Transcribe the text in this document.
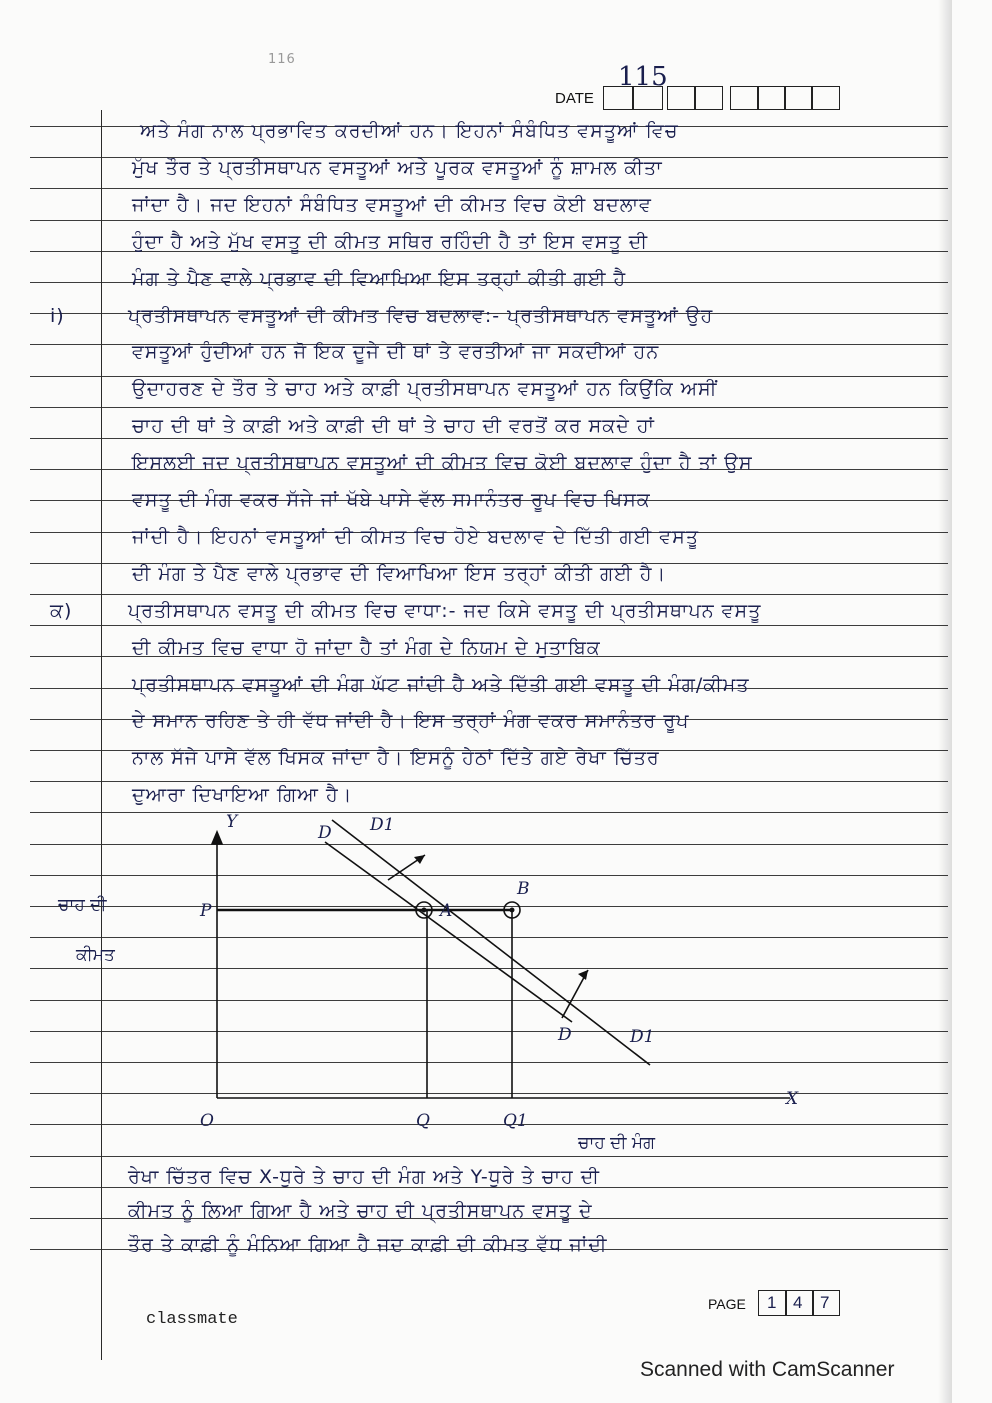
116
DATE
115
ਅਤੇ ਮੰਗ ਨਾਲ ਪ੍ਰਭਾਵਿਤ ਕਰਦੀਆਂ ਹਨ। ਇਹਨਾਂ ਸੰਬੰਧਿਤ ਵਸਤੂਆਂ ਵਿਚ
ਮੁੱਖ ਤੌਰ ਤੇ ਪ੍ਰਤੀਸਥਾਪਨ ਵਸਤੂਆਂ ਅਤੇ ਪੂਰਕ ਵਸਤੂਆਂ ਨੂੰ ਸ਼ਾਮਲ ਕੀਤਾ
ਜਾਂਦਾ ਹੈ। ਜਦ ਇਹਨਾਂ ਸੰਬੰਧਿਤ ਵਸਤੂਆਂ ਦੀ ਕੀਮਤ ਵਿਚ ਕੋਈ ਬਦਲਾਵ
ਹੁੰਦਾ ਹੈ ਅਤੇ ਮੁੱਖ ਵਸਤੂ ਦੀ ਕੀਮਤ ਸਥਿਰ ਰਹਿੰਦੀ ਹੈ ਤਾਂ ਇਸ ਵਸਤੂ ਦੀ
ਮੰਗ ਤੇ ਪੈਣ ਵਾਲੇ ਪ੍ਰਭਾਵ ਦੀ ਵਿਆਖਿਆ ਇਸ ਤਰ੍ਹਾਂ ਕੀਤੀ ਗਈ ਹੈ
i)	ਪ੍ਰਤੀਸਥਾਪਨ ਵਸਤੂਆਂ ਦੀ ਕੀਮਤ ਵਿਚ ਬਦਲਾਵ:- ਪ੍ਰਤੀਸਥਾਪਨ ਵਸਤੂਆਂ ਉਹ
ਵਸਤੂਆਂ ਹੁੰਦੀਆਂ ਹਨ ਜੋ ਇਕ ਦੂਜੇ ਦੀ ਥਾਂ ਤੇ ਵਰਤੀਆਂ ਜਾ ਸਕਦੀਆਂ ਹਨ
ਉਦਾਹਰਣ ਦੇ ਤੌਰ ਤੇ ਚਾਹ ਅਤੇ ਕਾਫ਼ੀ ਪ੍ਰਤੀਸਥਾਪਨ ਵਸਤੂਆਂ ਹਨ ਕਿਉਂਕਿ ਅਸੀਂ
ਚਾਹ ਦੀ ਥਾਂ ਤੇ ਕਾਫ਼ੀ ਅਤੇ ਕਾਫ਼ੀ ਦੀ ਥਾਂ ਤੇ ਚਾਹ ਦੀ ਵਰਤੋਂ ਕਰ ਸਕਦੇ ਹਾਂ
ਇਸਲਈ ਜਦ ਪ੍ਰਤੀਸਥਾਪਨ ਵਸਤੂਆਂ ਦੀ ਕੀਮਤ ਵਿਚ ਕੋਈ ਬਦਲਾਵ ਹੁੰਦਾ ਹੈ ਤਾਂ ਉਸ
ਵਸਤੂ ਦੀ ਮੰਗ ਵਕਰ ਸੱਜੇ ਜਾਂ ਖੱਬੇ ਪਾਸੇ ਵੱਲ ਸਮਾਨੰਤਰ ਰੂਪ ਵਿਚ ਖਿਸਕ
ਜਾਂਦੀ ਹੈ। ਇਹਨਾਂ ਵਸਤੂਆਂ ਦੀ ਕੀਮਤ ਵਿਚ ਹੋਏ ਬਦਲਾਵ ਦੇ ਦਿੱਤੀ ਗਈ ਵਸਤੂ
ਦੀ ਮੰਗ ਤੇ ਪੈਣ ਵਾਲੇ ਪ੍ਰਭਾਵ ਦੀ ਵਿਆਖਿਆ ਇਸ ਤਰ੍ਹਾਂ ਕੀਤੀ ਗਈ ਹੈ।
ਕ)	ਪ੍ਰਤੀਸਥਾਪਨ ਵਸਤੂ ਦੀ ਕੀਮਤ ਵਿਚ ਵਾਧਾ:- ਜਦ ਕਿਸੇ ਵਸਤੂ ਦੀ ਪ੍ਰਤੀਸਥਾਪਨ ਵਸਤੂ
ਦੀ ਕੀਮਤ ਵਿਚ ਵਾਧਾ ਹੋ ਜਾਂਦਾ ਹੈ ਤਾਂ ਮੰਗ ਦੇ ਨਿਯਮ ਦੇ ਮੁਤਾਬਿਕ
ਪ੍ਰਤੀਸਥਾਪਨ ਵਸਤੂਆਂ ਦੀ ਮੰਗ ਘੱਟ ਜਾਂਦੀ ਹੈ ਅਤੇ ਦਿੱਤੀ ਗਈ ਵਸਤੂ ਦੀ ਮੰਗ/ਕੀਮਤ
ਦੇ ਸਮਾਨ ਰਹਿਣ ਤੇ ਹੀ ਵੱਧ ਜਾਂਦੀ ਹੈ। ਇਸ ਤਰ੍ਹਾਂ ਮੰਗ ਵਕਰ ਸਮਾਨੰਤਰ ਰੂਪ
ਨਾਲ ਸੱਜੇ ਪਾਸੇ ਵੱਲ ਖਿਸਕ ਜਾਂਦਾ ਹੈ। ਇਸਨੂੰ ਹੇਠਾਂ ਦਿੱਤੇ ਗਏ ਰੇਖਾ ਚਿੱਤਰ
ਦੁਆਰਾ ਦਿਖਾਇਆ ਗਿਆ ਹੈ।
Y
X
O
P	A
B
Q	Q1
D D1
D	D1
ਚਾਹ ਦੀ
ਕੀਮਤ
ਚਾਹ ਦੀ ਮੰਗ
ਰੇਖਾ ਚਿੱਤਰ ਵਿਚ X-ਧੁਰੇ ਤੇ ਚਾਹ ਦੀ ਮੰਗ ਅਤੇ Y-ਧੁਰੇ ਤੇ ਚਾਹ ਦੀ
ਕੀਮਤ ਨੂੰ ਲਿਆ ਗਿਆ ਹੈ ਅਤੇ ਚਾਹ ਦੀ ਪ੍ਰਤੀਸਥਾਪਨ ਵਸਤੂ ਦੇ
ਤੌਰ ਤੇ ਕਾਫ਼ੀ ਨੂੰ ਮੰਨਿਆ ਗਿਆ ਹੈ ਜਦ ਕਾਫ਼ੀ ਦੀ ਕੀਮਤ ਵੱਧ ਜਾਂਦੀ
PAGE 1 4 7
classmate
Scanned with CamScanner
